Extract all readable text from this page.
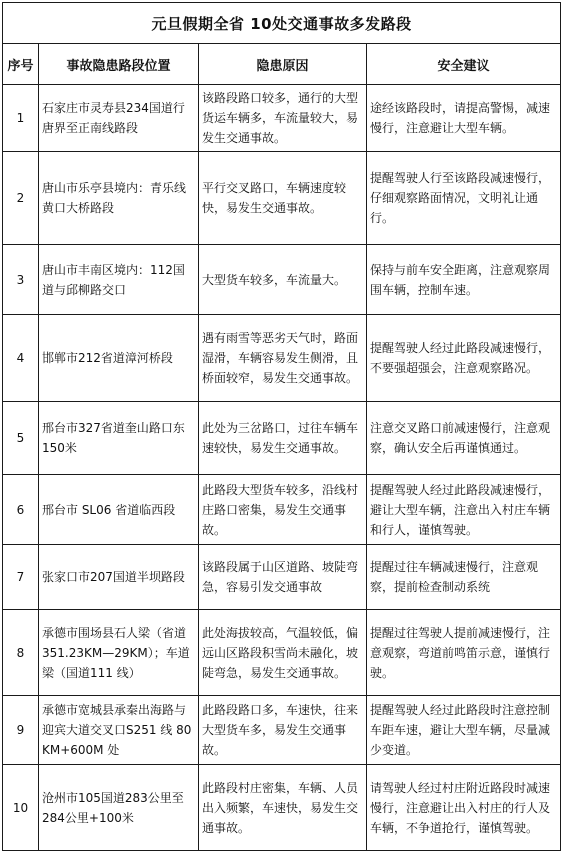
元旦假期全省 10处交通事故多发路段			
序号	事故隐患路段位置	隐患原因	安全建议
1	石家庄市灵寿县234国道行唐界至正南线路段	该路段路口较多，通行的大型货运车辆多，车流量较大，易发生交通事故。	途经该路段时，请提高警惕，减速慢行，注意避让大型车辆。
2	唐山市乐亭县境内：青乐线黄口大桥路段	平行交叉路口，车辆速度较快，易发生交通事故。	提醒驾驶人行至该路段减速慢行，仔细观察路面情况，文明礼让通行。
3	唐山市丰南区境内：112国道与邱柳路交口	大型货车较多，车流量大。	保持与前车安全距离，注意观察周围车辆，控制车速。
4	邯郸市212省道漳河桥段	遇有雨雪等恶劣天气时，路面湿滑，车辆容易发生侧滑，且桥面较窄，易发生交通事故。	提醒驾驶人经过此路段减速慢行，不要强超强会，注意观察路况。
5	邢台市327省道奎山路口东 150米	此处为三岔路口，过往车辆车速较快，易发生交通事故。	注意交叉路口前减速慢行，注意观察，确认安全后再谨慎通过。
6	邢台市 SL06 省道临西段	此路段大型货车较多，沿线村庄路口密集，易发生交通事故。	提醒驾驶人经过此路段减速慢行，避让大型车辆，注意出入村庄车辆和行人，谨慎驾驶。
7	张家口市207国道半坝路段	该路段属于山区道路、坡陡弯急，容易引发交通事故	提醒过往车辆减速慢行，注意观察，提前检查制动系统
8	承德市围场县石人梁（省道 351.23KM—29KM）；车道梁（国道111 线）	此处海拔较高，气温较低，偏远山区路段积雪尚未融化，坡陡弯急，易发生交通事故。	提醒过往驾驶人提前减速慢行，注意观察，弯道前鸣笛示意，谨慎行驶。
9	承德市宽城县承秦出海路与迎宾大道交叉口S251 线 80KM+600M 处	此路段路口多，车速快，往来大型货车多，易发生交通事故。	提醒驾驶人经过此路段时注意控制车距车速，避让大型车辆，尽量减少变道。
10	沧州市105国道283公里至 284公里+100米	此路段村庄密集，车辆、人员出入频繁，车速快，易发生交通事故。	请驾驶人经过村庄附近路段时减速慢行，注意避让出入村庄的行人及车辆，不争道抢行，谨慎驾驶。
